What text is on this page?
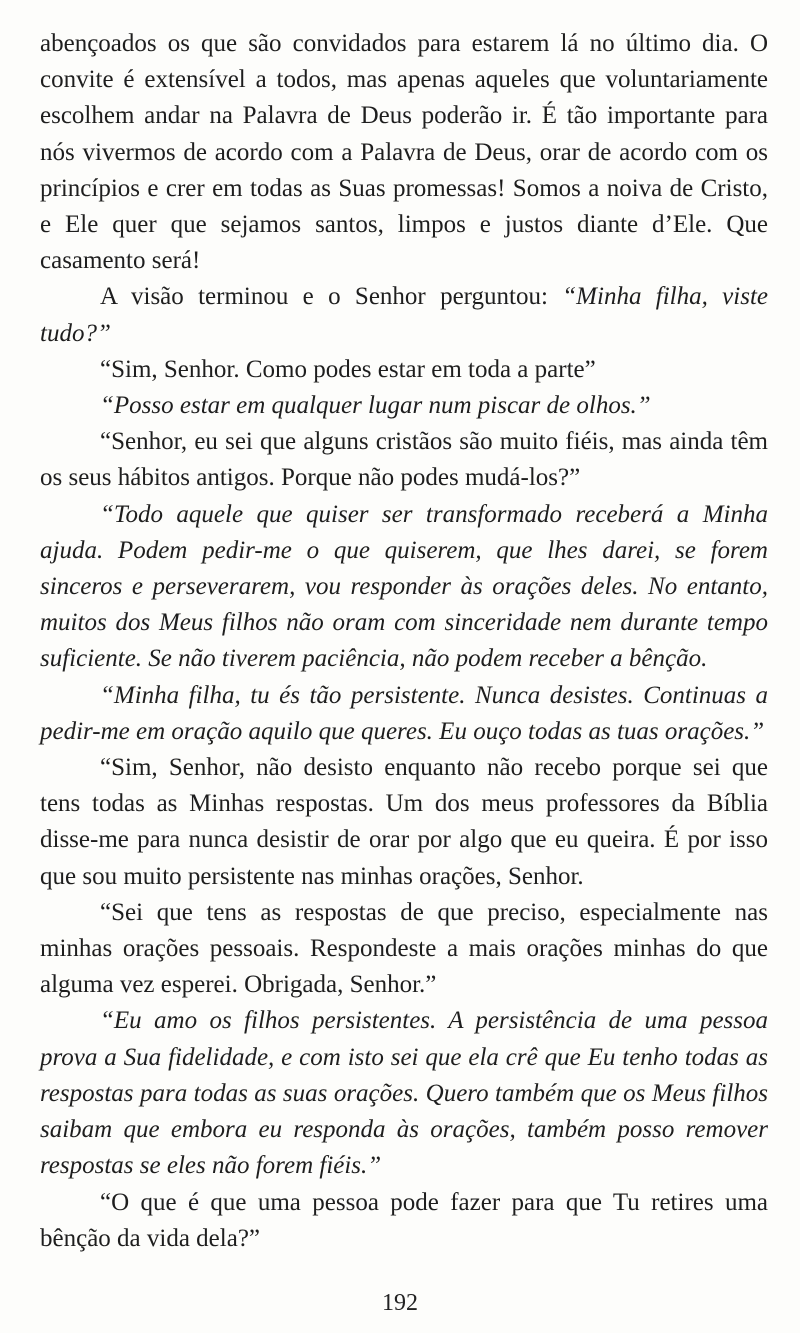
abençoados os que são convidados para estarem lá no último dia. O convite é extensível a todos, mas apenas aqueles que voluntariamente escolhem andar na Palavra de Deus poderão ir. É tão importante para nós vivermos de acordo com a Palavra de Deus, orar de acordo com os princípios e crer em todas as Suas promessas! Somos a noiva de Cristo, e Ele quer que sejamos santos, limpos e justos diante d’Ele. Que casamento será!

A visão terminou e o Senhor perguntou: “Minha filha, viste tudo?”

“Sim, Senhor. Como podes estar em toda a parte”

“Posso estar em qualquer lugar num piscar de olhos.”

“Senhor, eu sei que alguns cristãos são muito fiéis, mas ainda têm os seus hábitos antigos. Porque não podes mudá-los?”

“Todo aquele que quiser ser transformado receberá a Minha ajuda. Podem pedir-me o que quiserem, que lhes darei, se forem sinceros e perseverarem, vou responder às orações deles. No entanto, muitos dos Meus filhos não oram com sinceridade nem durante tempo suficiente. Se não tiverem paciência, não podem receber a bênção.

“Minha filha, tu és tão persistente. Nunca desistes. Continuas a pedir-me em oração aquilo que queres. Eu ouço todas as tuas orações.”

“Sim, Senhor, não desisto enquanto não recebo porque sei que tens todas as Minhas respostas. Um dos meus professores da Bíblia disse-me para nunca desistir de orar por algo que eu queira. É por isso que sou muito persistente nas minhas orações, Senhor.

“Sei que tens as respostas de que preciso, especialmente nas minhas orações pessoais. Respondeste a mais orações minhas do que alguma vez esperei. Obrigada, Senhor.”

“Eu amo os filhos persistentes. A persistência de uma pessoa prova a Sua fidelidade, e com isto sei que ela crê que Eu tenho todas as respostas para todas as suas orações. Quero também que os Meus filhos saibam que embora eu responda às orações, também posso remover respostas se eles não forem fiéis.”

“O que é que uma pessoa pode fazer para que Tu retires uma bênção da vida dela?”

192
